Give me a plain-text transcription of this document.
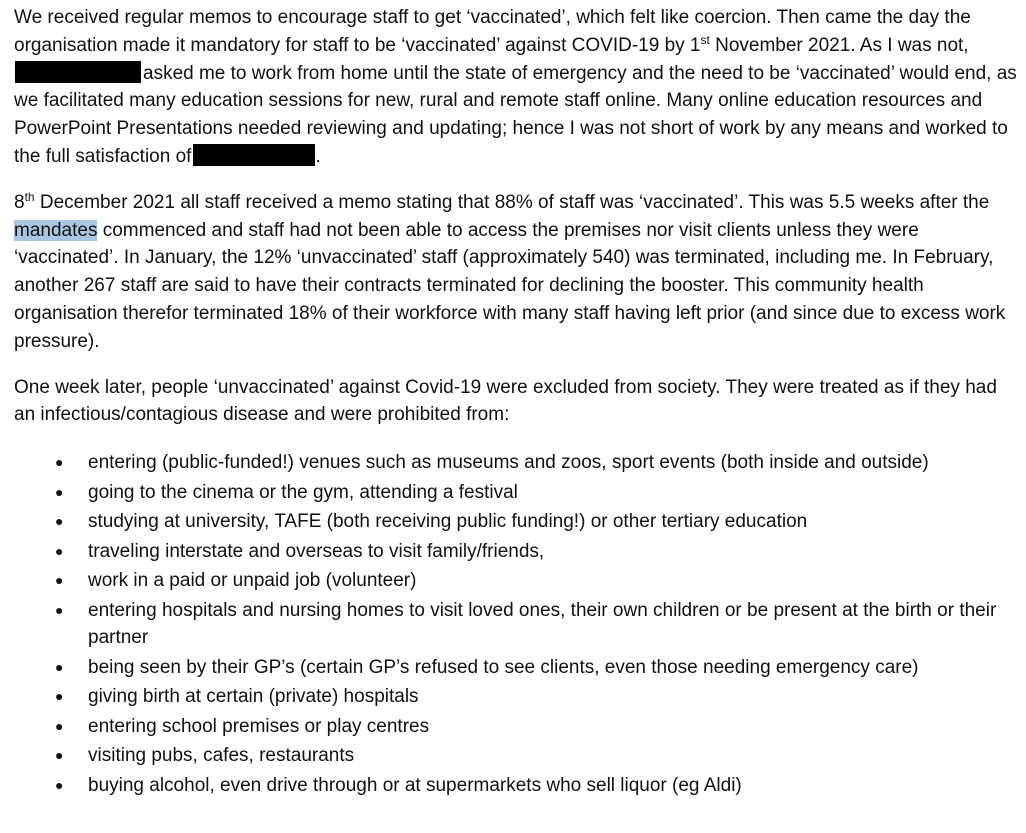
We received regular memos to encourage staff to get ‘vaccinated’, which felt like coercion. Then came the day the organisation made it mandatory for staff to be ‘vaccinated’ against COVID-19 by 1st November 2021. As I was not,asked me to work from home until the state of emergency and the need to be ‘vaccinated’ would end, as we facilitated many education sessions for new, rural and remote staff online. Many online education resources and PowerPoint Presentations needed reviewing and updating; hence I was not short of work by any means and worked to the full satisfaction of	.

8th December 2021 all staff received a memo stating that 88% of staff was ‘vaccinated’. This was 5.5 weeks after the mandates commenced and staff had not been able to access the premises nor visit clients unless they were ‘vaccinated’. In January, the 12% ‘unvaccinated’ staff (approximately 540) was terminated, including me. In February, another 267 staff are said to have their contracts terminated for declining the booster. This community health organisation therefor terminated 18% of their workforce with many staff having left prior (and since due to excess work pressure).

One week later, people ‘unvaccinated’ against Covid-19 were excluded from society. They were treated as if they had an infectious/contagious disease and were prohibited from:

● entering (public-funded!) venues such as museums and zoos, sport events (both inside and outside)
● going to the cinema or the gym, attending a festival
● studying at university, TAFE (both receiving public funding!) or other tertiary education
● traveling interstate and overseas to visit family/friends,
● work in a paid or unpaid job (volunteer)
● entering hospitals and nursing homes to visit loved ones, their own children or be present at the birth or their partner
● being seen by their GP’s (certain GP’s refused to see clients, even those needing emergency care)
● giving birth at certain (private) hospitals
● entering school premises or play centres
● visiting pubs, cafes, restaurants
● buying alcohol, even drive through or at supermarkets who sell liquor (eg Aldi)
